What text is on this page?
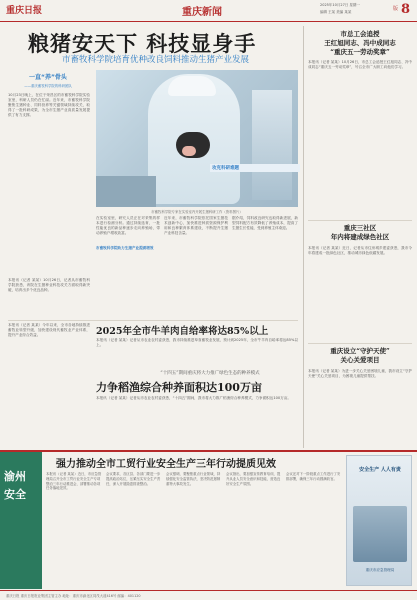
重庆日报	重庆新闻
2025年10月27日 星期一
编辑 王某 美编 某某	版 8
粮猪安天下 科技显身手
市畜牧科学院培育优种改良饲料推动生猪产业发展
一直“养”骨头
——重庆畜牧科学院的科研团队
10月23日晚上，在位于荣昌区的市畜牧科学院实验室里，科研人员仍在忙碌。近年来，市畜牧科学院聚焦生猪种业、饲料营养等关键领域持续攻关，取得了一批科研成果，为全市生猪产业高质量发展提供了有力支撑。
市畜牧科学院专家在实验室内开展生猪科研工作（资料图片）
攻克科研难题
在实验室里，研究人员正在对采集的样本进行检测分析。通过持续选育，一批性能优良的新品种逐步走向养殖场，带动养殖户增收致富。
市畜牧科学院助力生猪产业提质增效
近年来，市畜牧科学院依托国家生猪技术创新中心，加快推进种质资源保护利用和良种繁育体系建设，不断提升生猪产业科技含量。
据介绍，饲料改良研究也取得新进展，新型饲料配方有效降低了养殖成本，提高了生猪生长性能，受到养殖主体欢迎。
本报讯（记者 某某）10月26日，记者从市畜牧科学院获悉，该院在生猪种业科技攻关方面取得新突破，培育出多个优良品种。
2025年全市牛羊肉自给率将达85%以上
本报讯（记者 某某）记者从市农业农村委获悉，我市持续推进草食畜牧业发展，预计到2025年，全市牛羊肉自给率将达85%以上。
本报讯（记者 某某）今年以来，全市各地持续推进畜牧业转型升级，加快建设现代畜牧业产业体系，提升产业综合效益。
“十四五”期间重庆将大力推广绿色生态的种养模式
力争稻渔综合种养面积达100万亩
本报讯（记者 某某）记者从市农业农村委获悉，“十四五”期间，我市将大力推广稻渔综合种养模式，力争面积达100万亩。
市总工会追授
王红旭同志、冯中成同志
“重庆五一劳动奖章”
本报讯（记者 某某）10月26日，市总工会追授王红旭同志、冯中成同志“重庆五一劳动奖章”，号召全市广大职工向他们学习。
重庆三社区
年内将建成绿色社区
本报讯（记者 某某）近日，记者从市住房城乡建委获悉，我市今年将建成一批绿色社区，推动城市绿色低碳发展。
重庆设立“守护天使”
关心关爱项目
本报讯（记者 某某）为进一步关心关爱困境儿童，我市设立“守护天使”关心关爱项目，为困境儿童提供帮扶。
渝州
安全
强力推动全市工贸行业安全生产三年行动提质见效
本报讯（记者 某某）近日，市应急管理局召开全市工贸行业安全生产专项整治三年行动推进会，部署推动各项任务落地见效。
会议要求，各区县、各部门要进一步提高政治站位，压紧压实安全生产责任，深入开展隐患排查整治。
会议强调，要聚焦重点行业领域，持续强化安全监管执法，坚决防范遏制重特大事故发生。
会议指出，要加强宣传教育培训，提升从业人员安全意识和技能，营造良好安全生产氛围。
会议还对下一阶段重点工作进行了安排部署，确保三年行动圆满收官。
安全生产 人人有责
重庆市应急管理局
重庆日报 重庆日报报业集团主管主办 地址：重庆市渝北区同茂大道416号 邮编：401120
